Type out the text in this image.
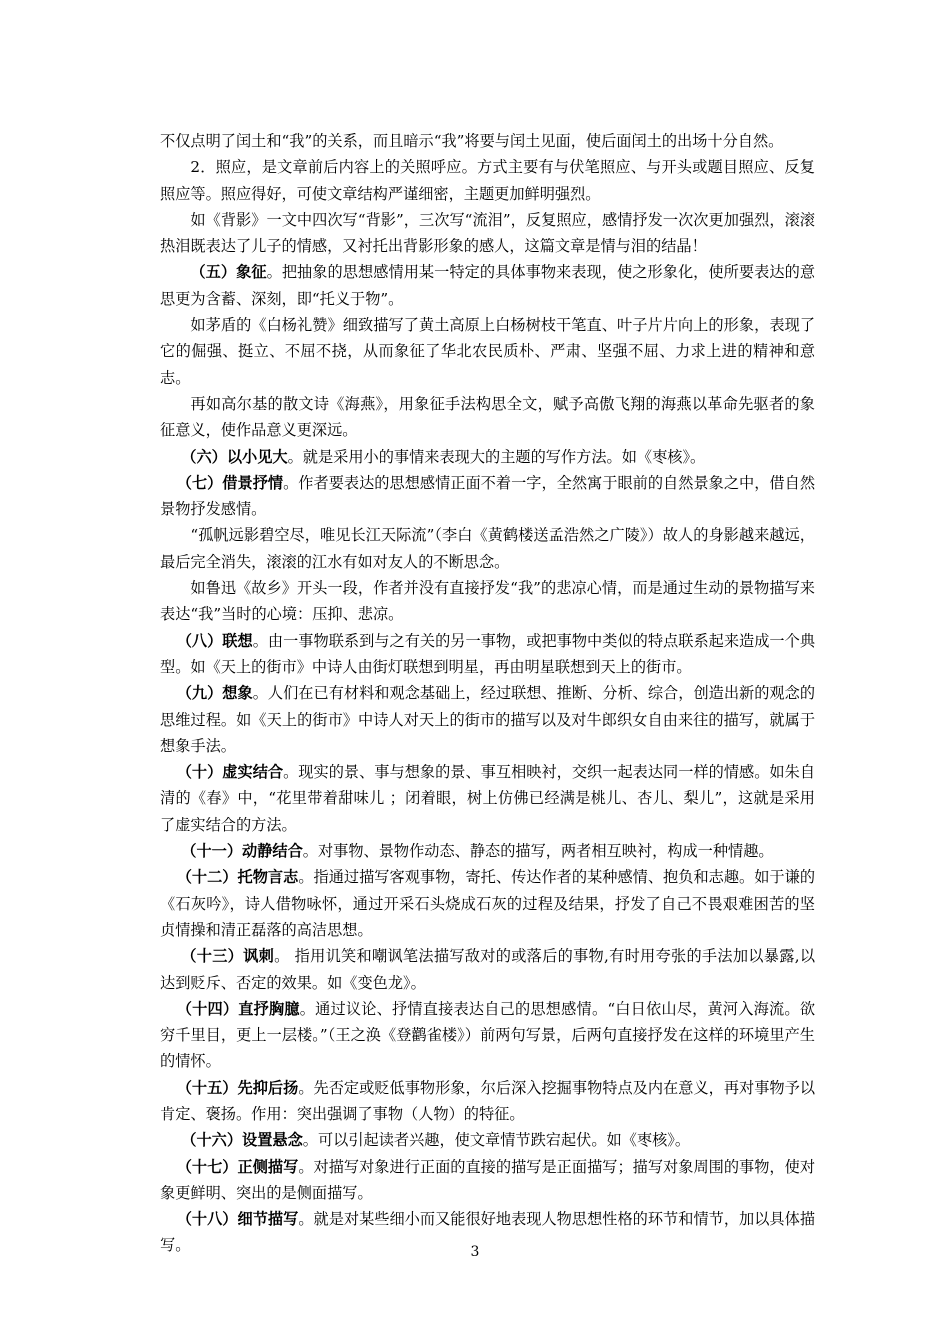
不仅点明了闰土和“我”的关系，而且暗示“我”将要与闰土见面，使后面闰土的出场十分自然。

2．照应，是文章前后内容上的关照呼应。方式主要有与伏笔照应、与开头或题目照应、反复照应等。照应得好，可使文章结构严谨细密，主题更加鲜明强烈。

如《背影》一文中四次写“背影”，三次写“流泪”，反复照应，感情抒发一次次更加强烈，滚滚热泪既表达了儿子的情感，又衬托出背影形象的感人，这篇文章是情与泪的结晶！

（五）象征。把抽象的思想感情用某一特定的具体事物来表现，使之形象化，使所要表达的意思更为含蓄、深刻，即“托义于物”。

如茅盾的《白杨礼赞》细致描写了黄土高原上白杨树枝干笔直、叶子片片向上的形象，表现了它的倔强、挺立、不屈不挠，从而象征了华北农民质朴、严肃、坚强不屈、力求上进的精神和意志。

再如高尔基的散文诗《海燕》，用象征手法构思全文，赋予高傲飞翔的海燕以革命先驱者的象征意义，使作品意义更深远。

（六）以小见大。就是采用小的事情来表现大的主题的写作方法。如《枣核》。

（七）借景抒情。作者要表达的思想感情正面不着一字，全然寓于眼前的自然景象之中，借自然景物抒发感情。

“孤帆远影碧空尽，唯见长江天际流”（李白《黄鹤楼送孟浩然之广陵》）故人的身影越来越远，最后完全消失，滚滚的江水有如对友人的不断思念。

如鲁迅《故乡》开头一段，作者并没有直接抒发“我”的悲凉心情，而是通过生动的景物描写来表达“我”当时的心境：压抑、悲凉。

（八）联想。由一事物联系到与之有关的另一事物，或把事物中类似的特点联系起来造成一个典型。如《天上的街市》中诗人由街灯联想到明星，再由明星联想到天上的街市。

（九）想象。人们在已有材料和观念基础上，经过联想、推断、分析、综合，创造出新的观念的思维过程。如《天上的街市》中诗人对天上的街市的描写以及对牛郎织女自由来往的描写，就属于想象手法。

（十）虚实结合。现实的景、事与想象的景、事互相映衬，交织一起表达同一样的情感。如朱自清的《春》中，“花里带着甜味儿 ；闭着眼，树上仿佛已经满是桃儿、杏儿、梨儿”，这就是采用了虚实结合的方法。

（十一）动静结合。对事物、景物作动态、静态的描写，两者相互映衬，构成一种情趣。

（十二）托物言志。指通过描写客观事物，寄托、传达作者的某种感情、抱负和志趣。如于谦的《石灰吟》，诗人借物咏怀，通过开采石头烧成石灰的过程及结果，抒发了自己不畏艰难困苦的坚贞情操和清正磊落的高洁思想。

（十三）讽刺。 指用讥笑和嘲讽笔法描写敌对的或落后的事物,有时用夸张的手法加以暴露,以达到贬斥、否定的效果。如《变色龙》。

（十四）直抒胸臆。通过议论、抒情直接表达自己的思想感情。“白日依山尽，黄河入海流。欲穷千里目，更上一层楼。”（王之涣《登鹳雀楼》）前两句写景，后两句直接抒发在这样的环境里产生的情怀。

（十五）先抑后扬。先否定或贬低事物形象，尔后深入挖掘事物特点及内在意义，再对事物予以肯定、褒扬。作用：突出强调了事物（人物）的特征。

（十六）设置悬念。可以引起读者兴趣，使文章情节跌宕起伏。如《枣核》。

（十七）正侧描写。对描写对象进行正面的直接的描写是正面描写；描写对象周围的事物，使对象更鲜明、突出的是侧面描写。

（十八）细节描写。就是对某些细小而又能很好地表现人物思想性格的环节和情节，加以具体描写。	3
